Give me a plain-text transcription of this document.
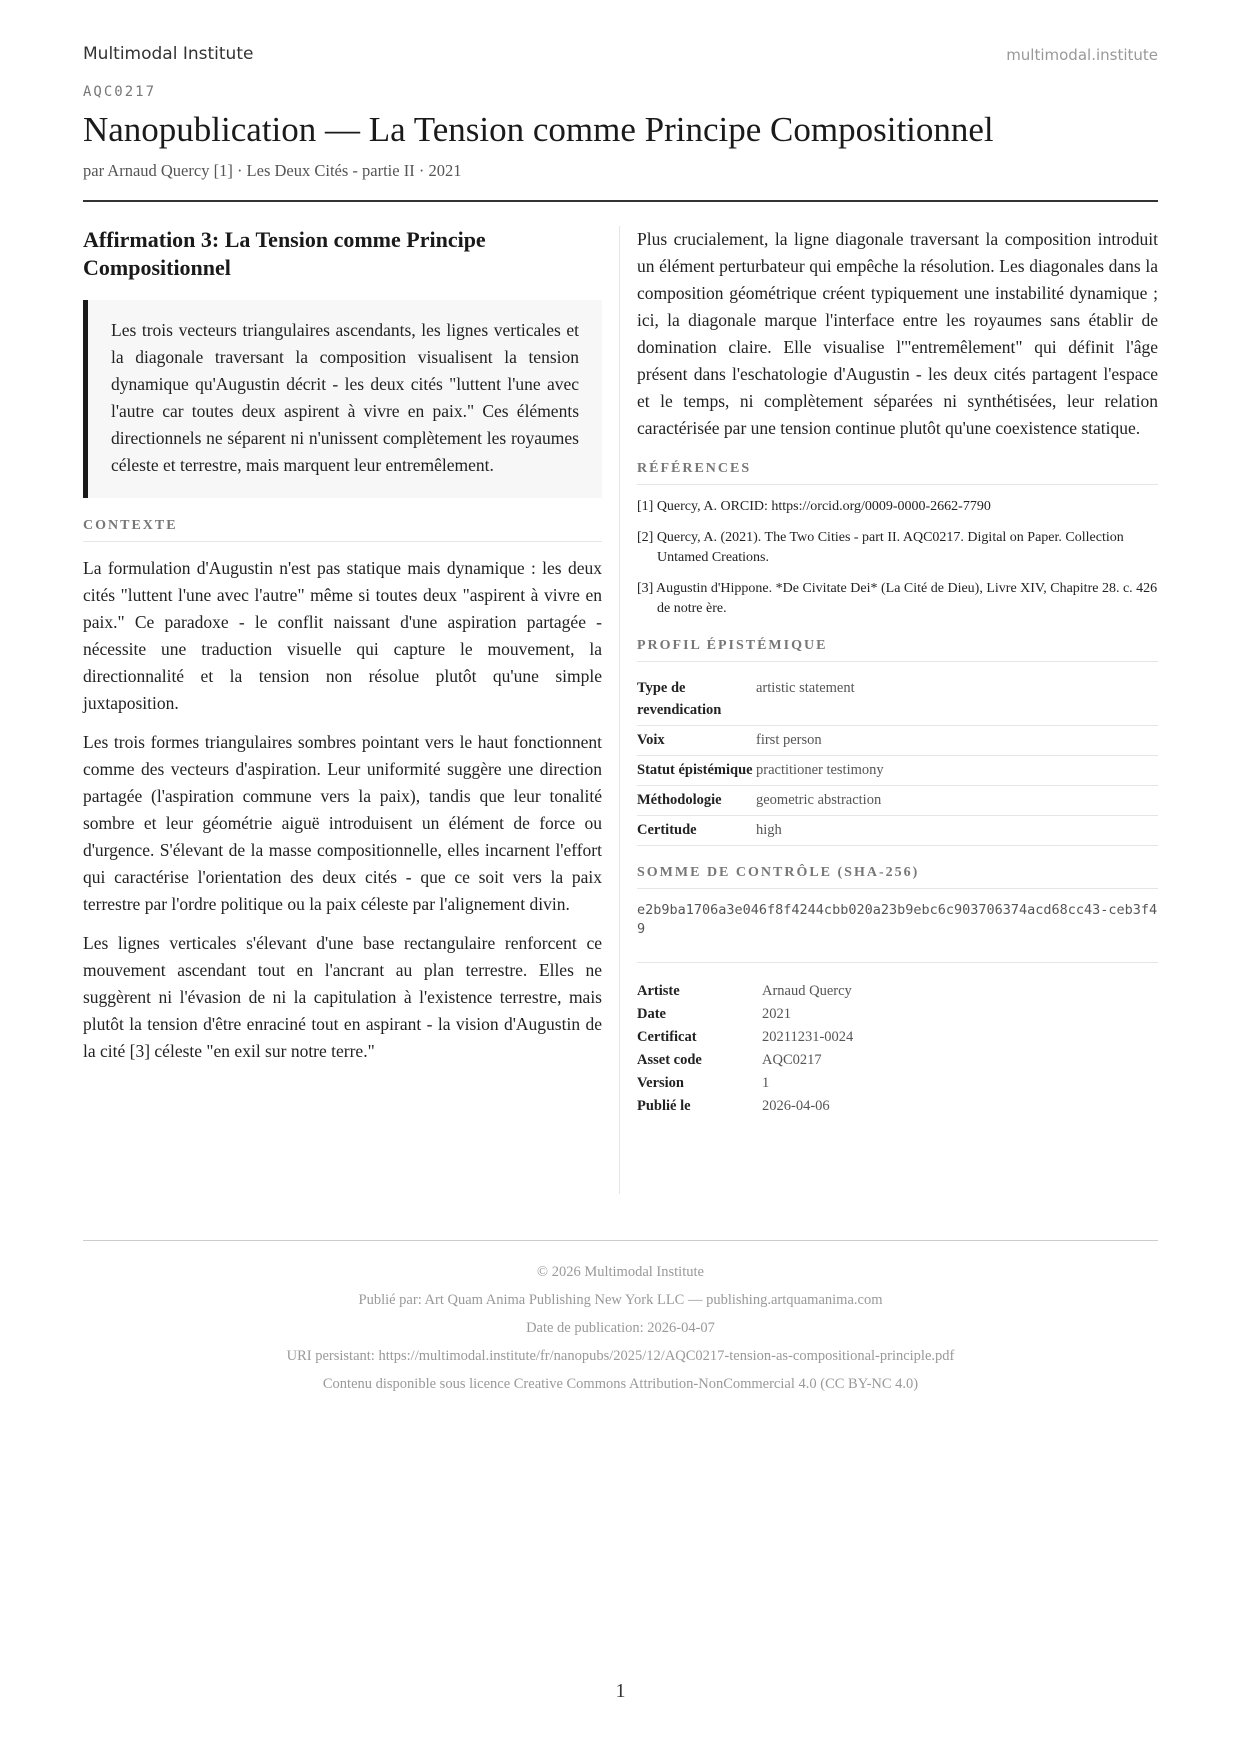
Multimodal Institute	multimodal.institute
AQC0217
Nanopublication — La Tension comme Principe Compositionnel
par Arnaud Quercy [1] · Les Deux Cités - partie II · 2021
Affirmation 3: La Tension comme Principe Compositionnel
Les trois vecteurs triangulaires ascendants, les lignes verticales et la diagonale traversant la composition visualisent la tension dynamique qu'Augustin décrit - les deux cités "luttent l'une avec l'autre car toutes deux aspirent à vivre en paix." Ces éléments directionnels ne séparent ni n'unissent complètement les royaumes céleste et terrestre, mais marquent leur entremêlement.
CONTEXTE

La formulation d'Augustin n'est pas statique mais dynamique : les deux cités "luttent l'une avec l'autre" même si toutes deux "aspirent à vivre en paix." Ce paradoxe - le conflit naissant d'une aspiration partagée - nécessite une traduction visuelle qui capture le mouvement, la directionnalité et la tension non résolue plutôt qu'une simple juxtaposition.

Les trois formes triangulaires sombres pointant vers le haut fonctionnent comme des vecteurs d'aspiration. Leur uniformité suggère une direction partagée (l'aspiration commune vers la paix), tandis que leur tonalité sombre et leur géométrie aiguë introduisent un élément de force ou d'urgence. S'élevant de la masse compositionnelle, elles incarnent l'effort qui caractérise l'orientation des deux cités - que ce soit vers la paix terrestre par l'ordre politique ou la paix céleste par l'alignement divin.

Les lignes verticales s'élevant d'une base rectangulaire renforcent ce mouvement ascendant tout en l'ancrant au plan terrestre. Elles ne suggèrent ni l'évasion de ni la capitulation à l'existence terrestre, mais plutôt la tension d'être enraciné tout en aspirant - la vision d'Augustin de la cité [3] céleste "en exil sur notre terre."

Plus crucialement, la ligne diagonale traversant la composition introduit un élément perturbateur qui empêche la résolution. Les diagonales dans la composition géométrique créent typiquement une instabilité dynamique ; ici, la diagonale marque l'interface entre les royaumes sans établir de domination claire. Elle visualise l'"entremêlement" qui définit l'âge présent dans l'eschatologie d'Augustin - les deux cités partagent l'espace et le temps, ni complètement séparées ni synthétisées, leur relation caractérisée par une tension continue plutôt qu'une coexistence statique.

RÉFÉRENCES
[1] Quercy, A. ORCID: https://orcid.org/0009-0000-2662-7790
[2] Quercy, A. (2021). The Two Cities - part II. AQC0217. Digital on Paper. Collection Untamed Creations.
[3] Augustin d'Hippone. *De Civitate Dei* (La Cité de Dieu), Livre XIV, Chapitre 28. c. 426 de notre ère.
PROFIL ÉPISTÉMIQUE
Type de revendication	artistic statement
Voix	first person
Statut épistémique	practitioner testimony
Méthodologie	geometric abstraction
Certitude	high
SOMME DE CONTRÔLE (SHA-256)
e2b9ba1706a3e046f8f4244cbb020a23b9ebc6c903706374acd68cc43-ceb3f49
Artiste	Arnaud Quercy
Date	2021
Certificat	20211231-0024
Asset code	AQC0217
Version	1
Publié le	2026-04-06
© 2026 Multimodal Institute
Publié par: Art Quam Anima Publishing New York LLC — publishing.artquamanima.com
Date de publication: 2026-04-07
URI persistant: https://multimodal.institute/fr/nanopubs/2025/12/AQC0217-tension-as-compositional-principle.pdf
Contenu disponible sous licence Creative Commons Attribution-NonCommercial 4.0 (CC BY-NC 4.0)
1
